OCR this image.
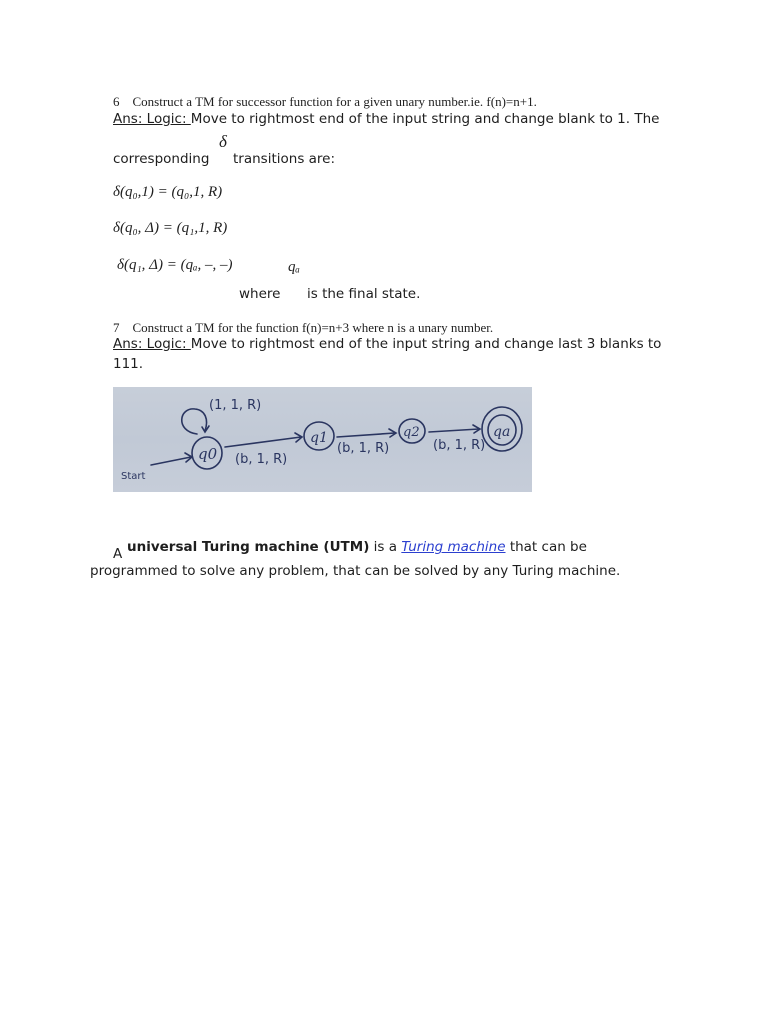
6 Construct a TM for successor function for a given unary number.ie. f(n)=n+1.
Ans: Logic: Move to rightmost end of the input string and change blank to 1. The
δ
corresponding transitions are:
δ(q₀,1) = (q₀,1, R)
δ(q₀, Δ) = (q₁,1, R)
δ(q₁, Δ) = (qₐ, –, –)	qₐ
where is the final state.
7 Construct a TM for the function f(n)=n+3 where n is a unary number.
Ans: Logic: Move to rightmost end of the input string and change last 3 blanks to
111.
(1, 1, R)
Start
q0 (b, 1, R)
q1
(b, 1, R)
q2
(b, 1, R)
qa
A universal Turing machine (UTM) is a Turing machine that can be
programmed to solve any problem, that can be solved by any Turing machine.
